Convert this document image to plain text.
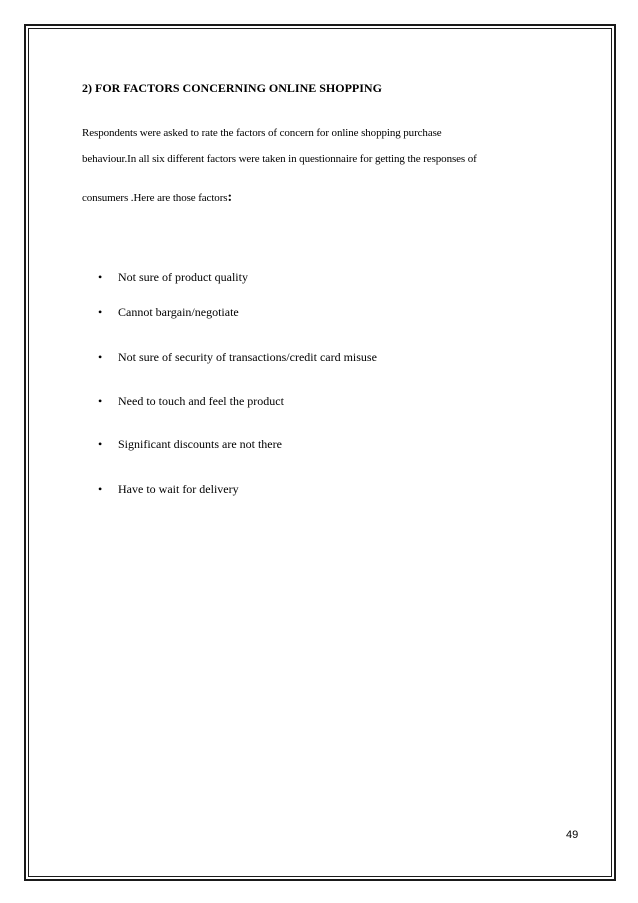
2) FOR FACTORS CONCERNING ONLINE SHOPPING
Respondents were asked to rate the factors of concern for online shopping purchase
behaviour.In all six different factors were taken in questionnaire for getting the responses of
consumers .Here are those factors:
•	Not sure of product quality
•	Cannot bargain/negotiate
•	Not sure of security of transactions/credit card misuse
•	Need to touch and feel the product
•	Significant discounts are not there
•	Have to wait for delivery
49
